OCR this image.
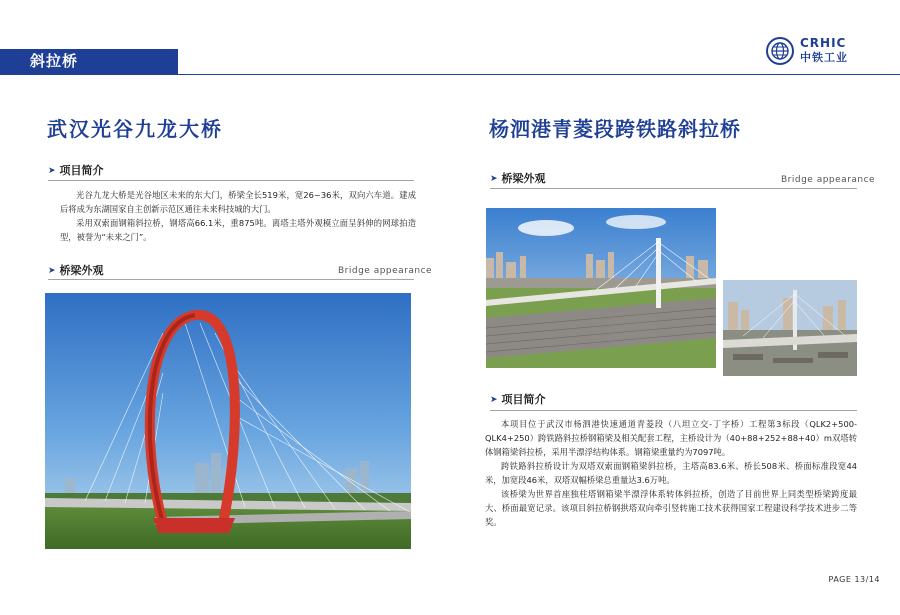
斜拉桥
CRHIC
中铁工业
武汉光谷九龙大桥
➤ 项目简介
光谷九龙大桥是光谷地区未来的东大门，桥梁全长519米，宽26~36米，双向六车道。建成后将成为东湖国家自主创新示范区通往未来科技城的大门。
采用双索面钢箱斜拉桥，钢塔高66.1米，重875吨。离塔主塔外观模立面呈斜伸的网球拍造型，被誉为“未来之门”。
➤ 桥梁外观	Bridge appearance
杨泗港青菱段跨铁路斜拉桥
➤ 桥梁外观	Bridge appearance
➤ 项目简介
本项目位于武汉市杨泗港快速通道青菱段（八坦立交-丁字桥）工程第3标段（QLK2+500-QLK4+250）跨铁路斜拉桥钢箱梁及相关配套工程，主桥设计为（40+88+252+88+40）m双塔转体钢箱梁斜拉桥，采用半漂浮结构体系。钢箱梁重量约为7097吨。
跨铁路斜拉桥设计为双塔双索面钢箱梁斜拉桥，主塔高83.6米、桥长508米、桥面标准段宽44米，加宽段46米，双塔双幅桥梁总重量达3.6万吨。
该桥梁为世界首座独柱塔钢箱梁半漂浮体系转体斜拉桥，创造了目前世界上同类型桥梁跨度最大、桥面最宽记录。该项目斜拉桥钢拱塔双向牵引竖转施工技术获得国家工程建设科学技术进步二等奖。
PAGE 13/14
